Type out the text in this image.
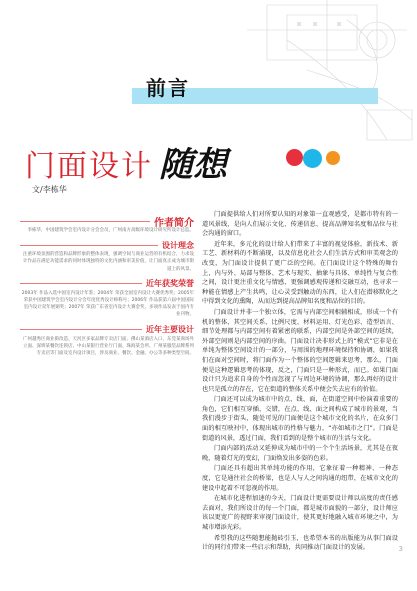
前言
门面设计 随想
文/李栋华
作者简介
李栋华，中国建筑学会室内设计分会会员，广州南方高级环境设计研究所设计总监。
设计理念
注重环境氛围的营造和品牌形象的整体表现，强调空间与商业运营的有机结合，力求设计作品在满足功能需求的同时体现独特的文化内涵和审美价值，让门面真正成为城市街道上的风景。
近年获奖荣誉
2003年 作品入选中国室内设计年鉴；2004年 荣获全国室内设计大赛优秀奖；2005年 荣获中国建筑学会室内设计分会年度优秀设计师称号；2006年 作品获第六届中国国际室内设计双年展铜奖；2007年 荣获广东省室内设计大赛金奖，多项作品发表于国内专业刊物。
近年主要设计
广州越秀区商业街改造、天河区多家品牌专卖店门面、佛山某酒店入口、东莞某商场外立面、深圳某餐饮连锁店、中山某银行营业厅门面、珠海某会所、广州某服装品牌系列专卖店等门面及室内设计项目，涉及商业、餐饮、金融、办公等多种类型空间。

门面提供给人们对所要认知的对象第一直观感受，是都市特有的一道风景线，是向人们展示文化、传递信息、提高品牌知名度和品位与社会沟通的窗口。

近年来，多元化的设计给人们带来了丰富的视觉体验，新技术、新工艺、新材料的不断涌现，以及信息化社会人们生活方式和审美观念的改变，为门面设计提供了更广泛的空间。在门面设计这个特殊的舞台上，内与外、局部与整体、艺术与现实、抽象与具体、单纯性与复合性之间，设计更注重文化与情感，更强调感观传递和交融互动，也寻求一种能在情感上产生共鸣，让心灵受到触动的东西，让人们在潜移默化之中得到文化的熏陶，从而达到提高品牌知名度和品位的目的。

门面设计并非一个独立体，它需与内部空间相辅相成，形成一个有机的整体，其空间关系、比例尺度、材料运用、灯光色彩、造型语言、细节处理都与内部空间有着紧密的联系，内部空间是外部空间的延续，外部空间则是内部空间的序曲。门面设计决非形式上的“模式”它非是在单纯为整体空间设计的一部分，与周围的地理环境保持和协调，如果我们在面对空间时，将门面作为一个整体的空间逻辑来思考，那么，门面便是这种逻辑思考的体现，反之，门面只是一种形式，而已。如果门面设计只为追求自身的个性而忽视了与周边环境的协调，那么再好的设计也只是孤立的存在，它在街道的整体关系中便会失去应有的价值。

门面还可以成为城市中的点、线、面，在街道空间中扮演着重要的角色，它们相互穿插、交错，在点、线、面之间构成了城市的景观，当我们漫步于街头，随处可见的门面便是这个城市文化的名片，在众多门面的相互映衬中，体现出城市的性格与魅力，“亦如城市之门”。门面是街道的风景，透过门面，我们看到的是整个城市的生活与文化。

门面内部的活动又延伸成为城市中的一个个生活场景，尤其是在夜晚，随着灯光的变幻，门面焕发出多姿的色彩。

门面还具有超出其单纯功能的作用，它象征着一种精神、一种态度，它是通往社会的桥梁，也是人与人之间沟通的纽带，在城市文化的建设中起着不可忽视的作用。

在城市化进程加速的今天，门面设计更需要设计师以高度的责任感去面对，我们所设计的每一个门面，都是城市面貌的一部分，设计师应该以更宽广的视野来审视门面设计，使其更好地融入城市环境之中，为城市增添光彩。

希望我的这些随想能抛砖引玉，也希望本书的出版能为从事门面设计的同行们带来一些启示和帮助，共同推动门面设计的发展。	3
